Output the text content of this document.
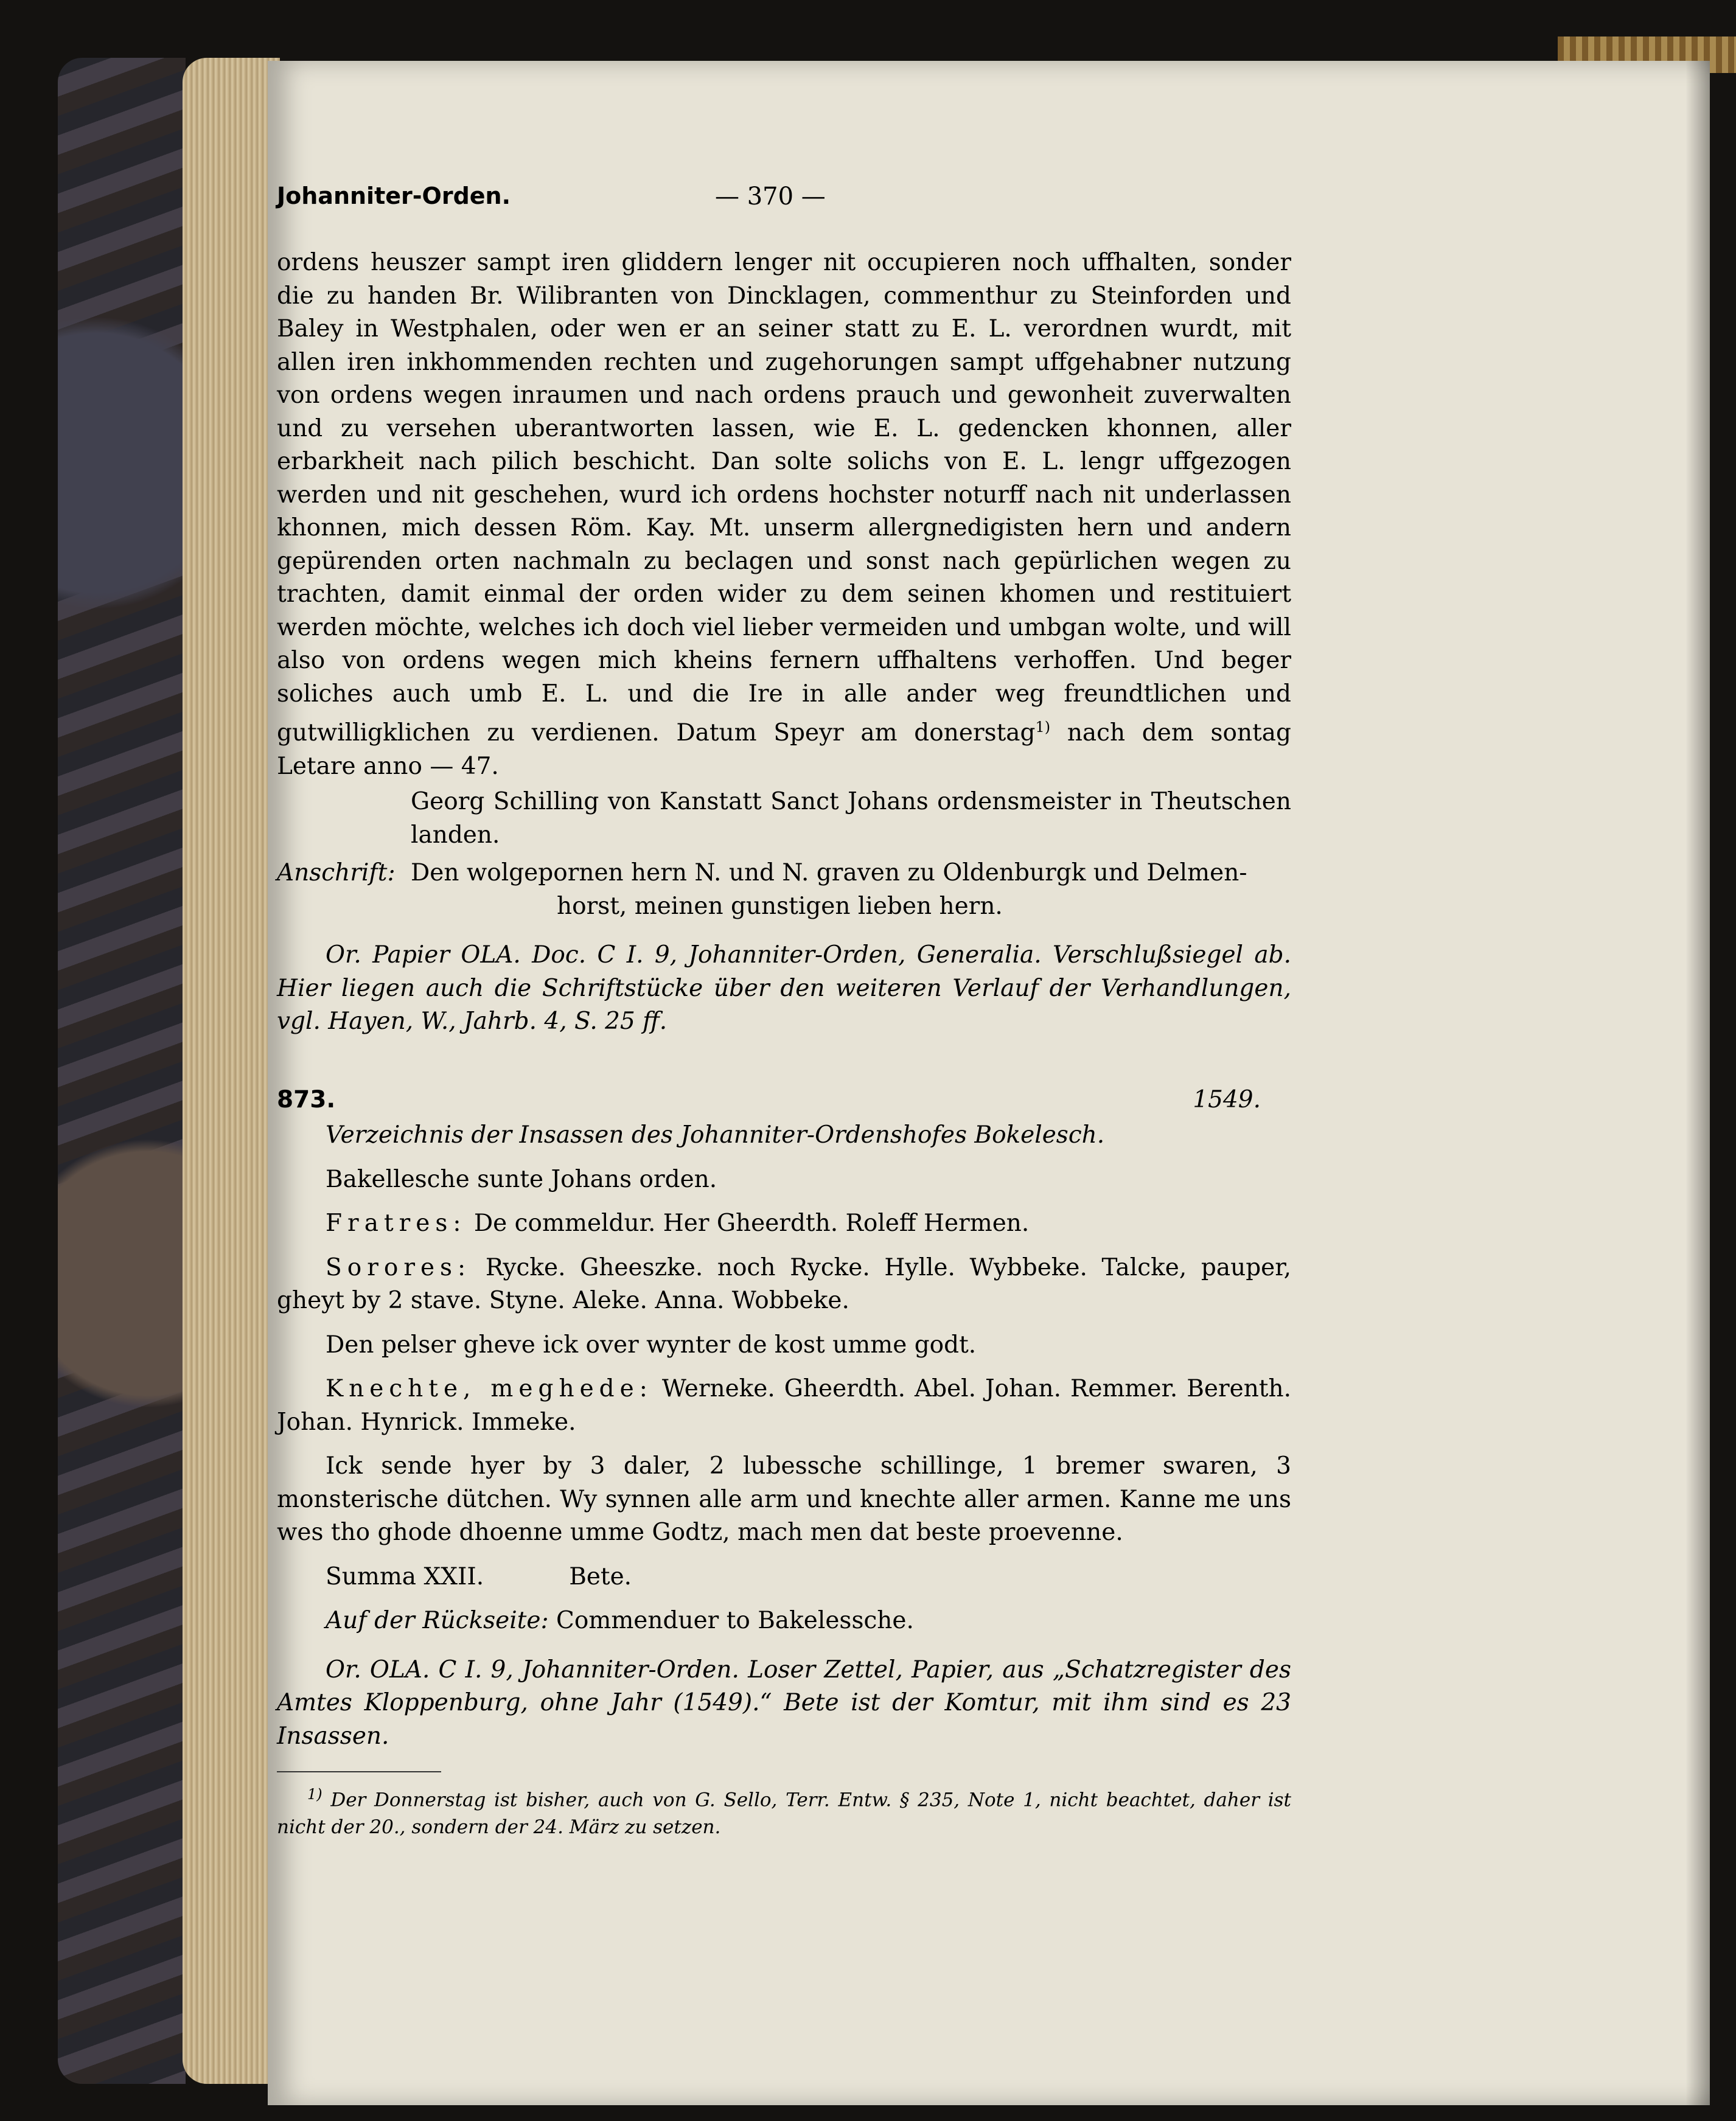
Johanniter-Orden.	— 370 —

ordens heuszer sampt iren gliddern lenger nit occupieren noch uffhalten, sonder die zu handen Br. Wilibranten von Dincklagen, commenthur zu Steinforden und Baley in Westphalen, oder wen er an seiner statt zu E. L. verordnen wurdt, mit allen iren inkhommenden rechten und zugehorungen sampt uffgehabner nutzung von ordens wegen inraumen und nach ordens prauch und gewonheit zuverwalten und zu versehen uberantworten lassen, wie E. L. gedencken khonnen, aller erbarkheit nach pilich beschicht. Dan solte solichs von E. L. lengr uffgezogen werden und nit geschehen, wurd ich ordens hochster noturff nach nit underlassen khonnen, mich dessen Röm. Kay. Mt. unserm allergnedigisten hern und andern gepürenden orten nachmaln zu beclagen und sonst nach gepürlichen wegen zu trachten, damit einmal der orden wider zu dem seinen khomen und restituiert werden möchte, welches ich doch viel lieber vermeiden und umbgan wolte, und will also von ordens wegen mich kheins fernern uffhaltens verhoffen. Und beger soliches auch umb E. L. und die Ire in alle ander weg freundtlichen und gutwilligklichen zu verdienen. Datum Speyr am donerstag$^{1)}$ nach dem sontag Letare anno — 47.

Georg Schilling von Kanstatt Sanct Johans ordensmeister in Theutschen landen.

Anschrift: Den wolgepornen hern N. und N. graven zu Oldenburgk und Delmen-

horst, meinen gunstigen lieben hern.

Or. Papier OLA. Doc. C I. 9, Johanniter-Orden, Generalia. Verschlußsiegel ab. Hier liegen auch die Schriftstücke über den weiteren Verlauf der Verhandlungen, vgl. Hayen, W., Jahrb. 4, S. 25 ff.

873.	1549.

Verzeichnis der Insassen des Johanniter-Ordenshofes Bokelesch.

Bakellesche sunte Johans orden.

Fratres: De commeldur. Her Gheerdth. Roleff Hermen.

Sorores: Rycke. Gheeszke. noch Rycke. Hylle. Wybbeke. Talcke, pauper, gheyt by 2 stave. Styne. Aleke. Anna. Wobbeke.

Den pelser gheve ick over wynter de kost umme godt.

Knechte, meghede: Werneke. Gheerdth. Abel. Johan. Remmer. Berenth. Johan. Hynrick. Immeke.

Ick sende hyer by 3 daler, 2 lubessche schillinge, 1 bremer swaren, 3 monsterische dütchen. Wy synnen alle arm und knechte aller armen. Kanne me uns wes tho ghode dhoenne umme Godtz, mach men dat beste proevenne.

Summa XXII.	Bete.

Auf der Rückseite: Commenduer to Bakelessche.

Or. OLA. C I. 9, Johanniter-Orden. Loser Zettel, Papier, aus „Schatzregister des Amtes Kloppenburg, ohne Jahr (1549).“ Bete ist der Komtur, mit ihm sind es 23 Insassen.

$^{1)}$ Der Donnerstag ist bisher, auch von G. Sello, Terr. Entw. § 235, Note 1, nicht beachtet, daher ist nicht der 20., sondern der 24. März zu setzen.
